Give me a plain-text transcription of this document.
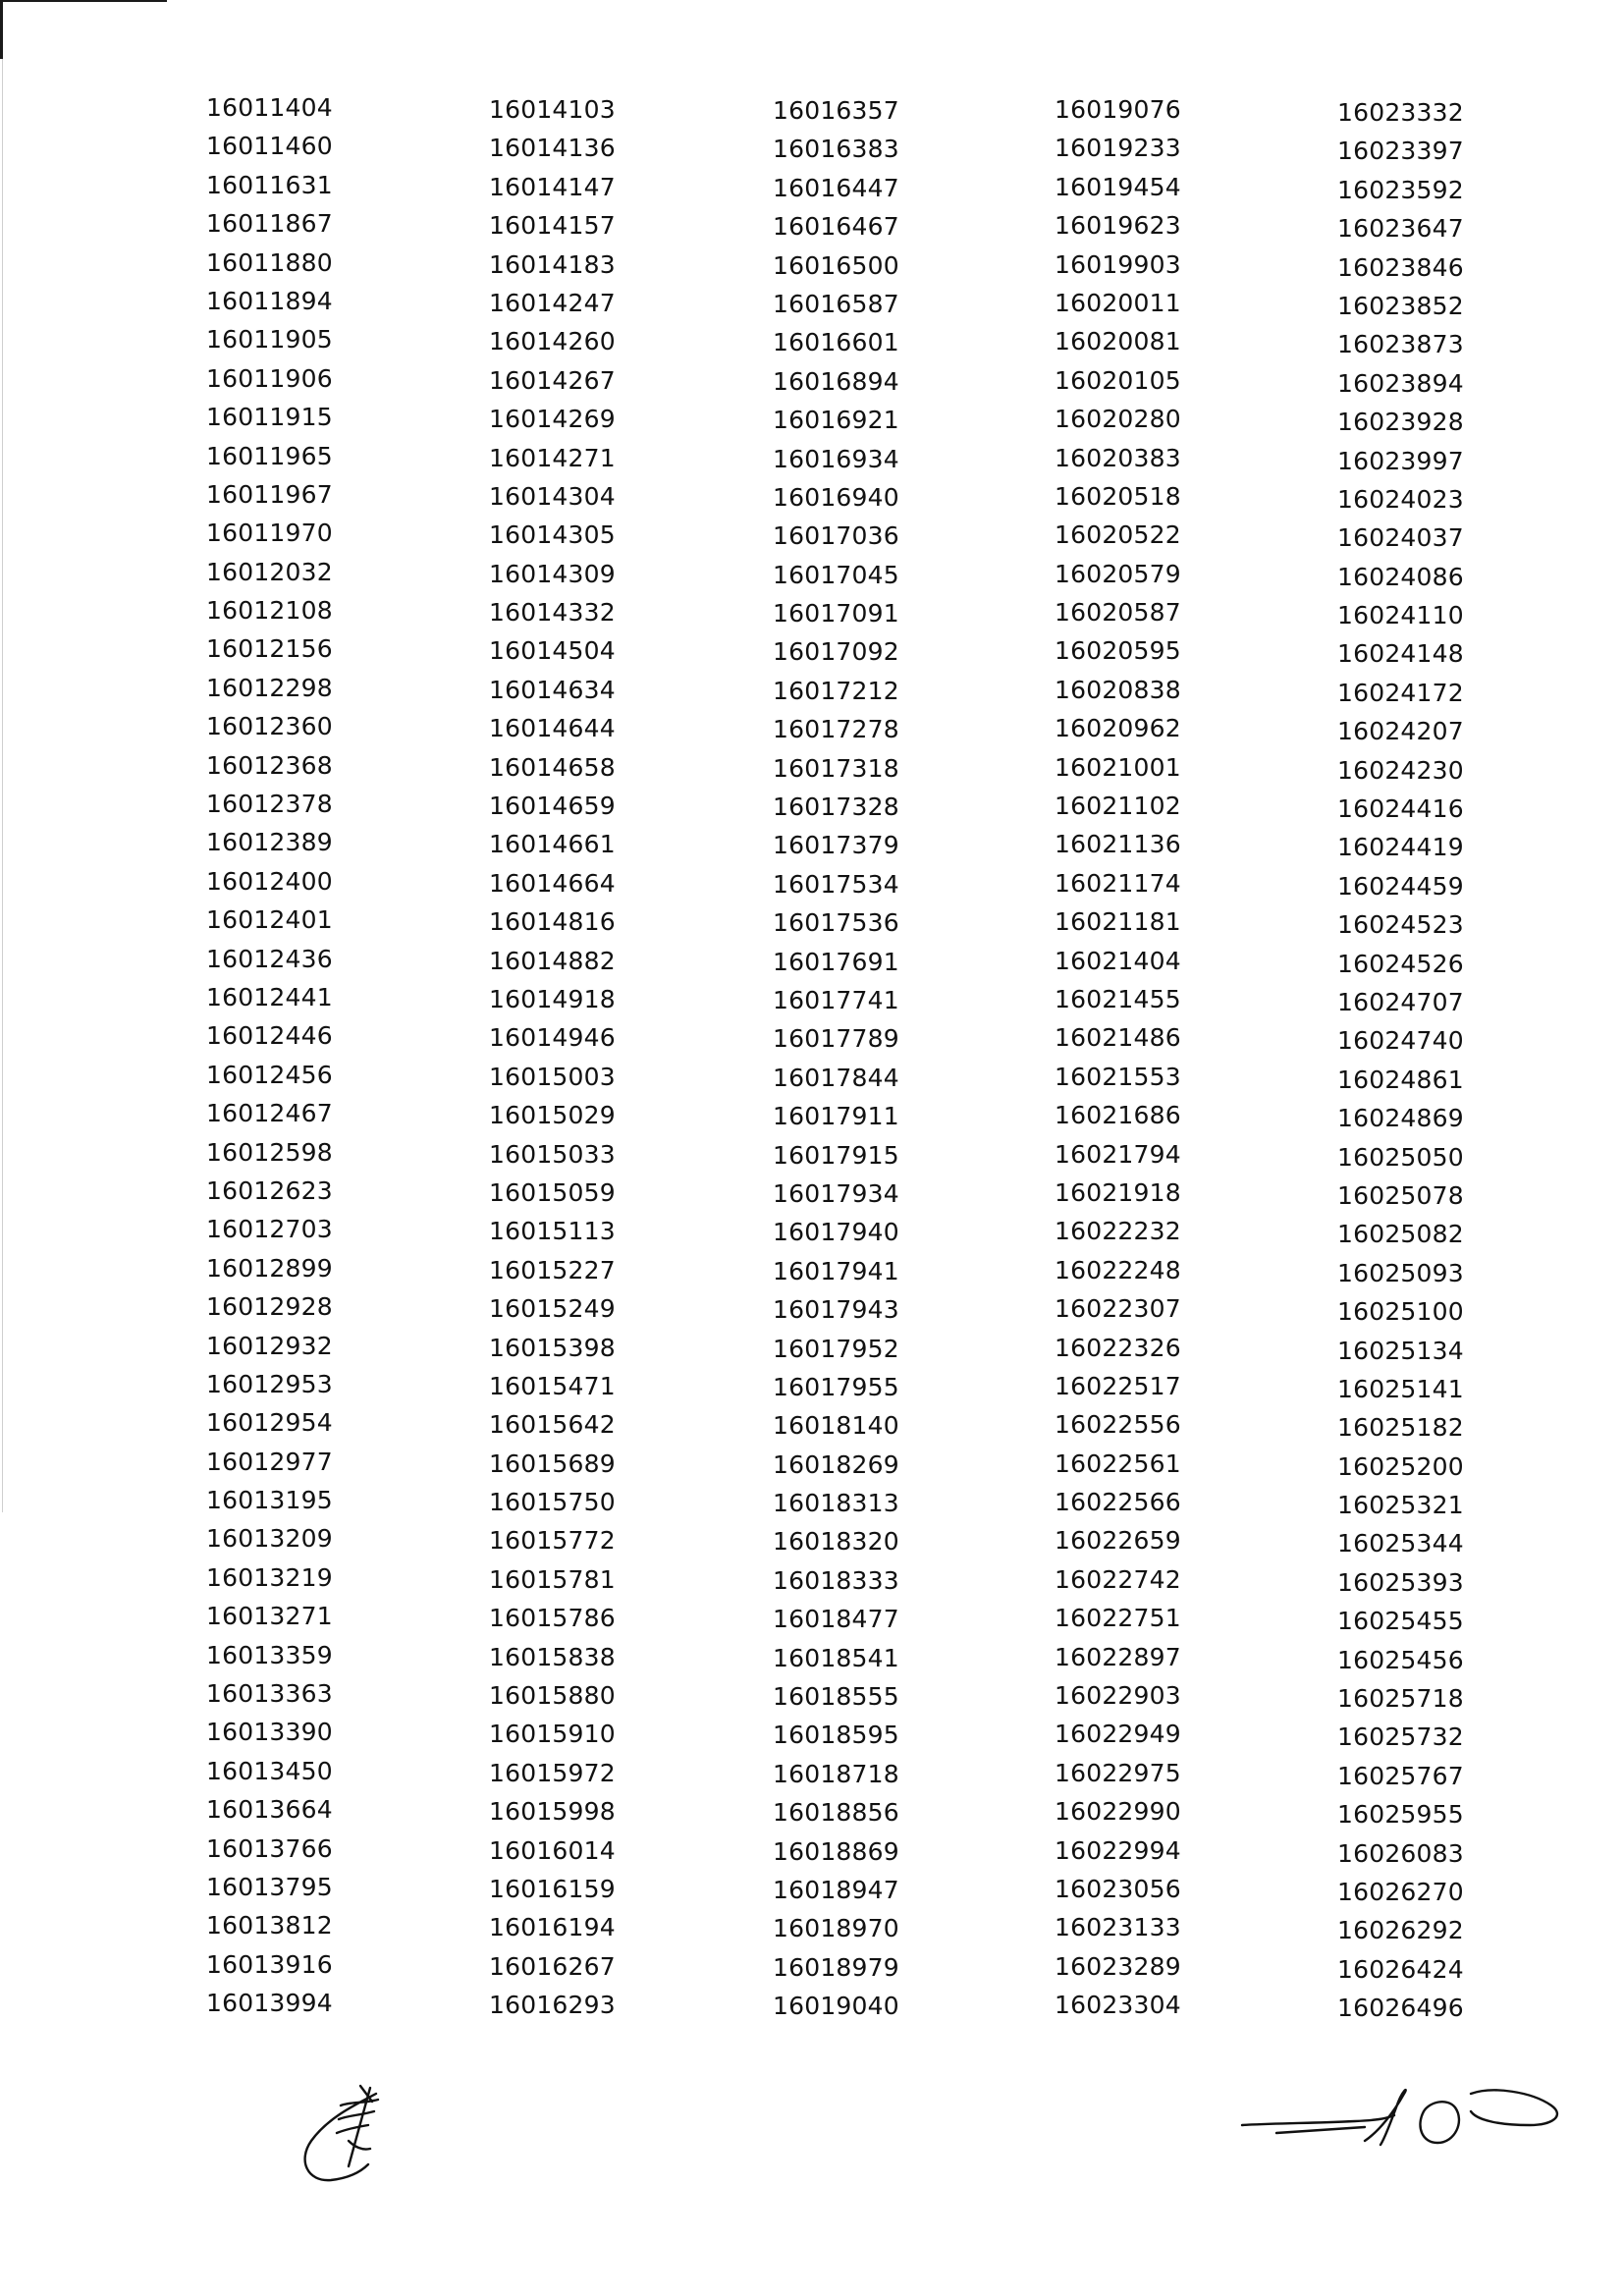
16011404
16011460
16011631
16011867
16011880
16011894
16011905
16011906
16011915
16011965
16011967
16011970
16012032
16012108
16012156
16012298
16012360
16012368
16012378
16012389
16012400
16012401
16012436
16012441
16012446
16012456
16012467
16012598
16012623
16012703
16012899
16012928
16012932
16012953
16012954
16012977
16013195
16013209
16013219
16013271
16013359
16013363
16013390
16013450
16013664
16013766
16013795
16013812
16013916
16013994
16014103
16014136
16014147
16014157
16014183
16014247
16014260
16014267
16014269
16014271
16014304
16014305
16014309
16014332
16014504
16014634
16014644
16014658
16014659
16014661
16014664
16014816
16014882
16014918
16014946
16015003
16015029
16015033
16015059
16015113
16015227
16015249
16015398
16015471
16015642
16015689
16015750
16015772
16015781
16015786
16015838
16015880
16015910
16015972
16015998
16016014
16016159
16016194
16016267
16016293
16016357
16016383
16016447
16016467
16016500
16016587
16016601
16016894
16016921
16016934
16016940
16017036
16017045
16017091
16017092
16017212
16017278
16017318
16017328
16017379
16017534
16017536
16017691
16017741
16017789
16017844
16017911
16017915
16017934
16017940
16017941
16017943
16017952
16017955
16018140
16018269
16018313
16018320
16018333
16018477
16018541
16018555
16018595
16018718
16018856
16018869
16018947
16018970
16018979
16019040
16019076
16019233
16019454
16019623
16019903
16020011
16020081
16020105
16020280
16020383
16020518
16020522
16020579
16020587
16020595
16020838
16020962
16021001
16021102
16021136
16021174
16021181
16021404
16021455
16021486
16021553
16021686
16021794
16021918
16022232
16022248
16022307
16022326
16022517
16022556
16022561
16022566
16022659
16022742
16022751
16022897
16022903
16022949
16022975
16022990
16022994
16023056
16023133
16023289
16023304
16023332
16023397
16023592
16023647
16023846
16023852
16023873
16023894
16023928
16023997
16024023
16024037
16024086
16024110
16024148
16024172
16024207
16024230
16024416
16024419
16024459
16024523
16024526
16024707
16024740
16024861
16024869
16025050
16025078
16025082
16025093
16025100
16025134
16025141
16025182
16025200
16025321
16025344
16025393
16025455
16025456
16025718
16025732
16025767
16025955
16026083
16026270
16026292
16026424
16026496
